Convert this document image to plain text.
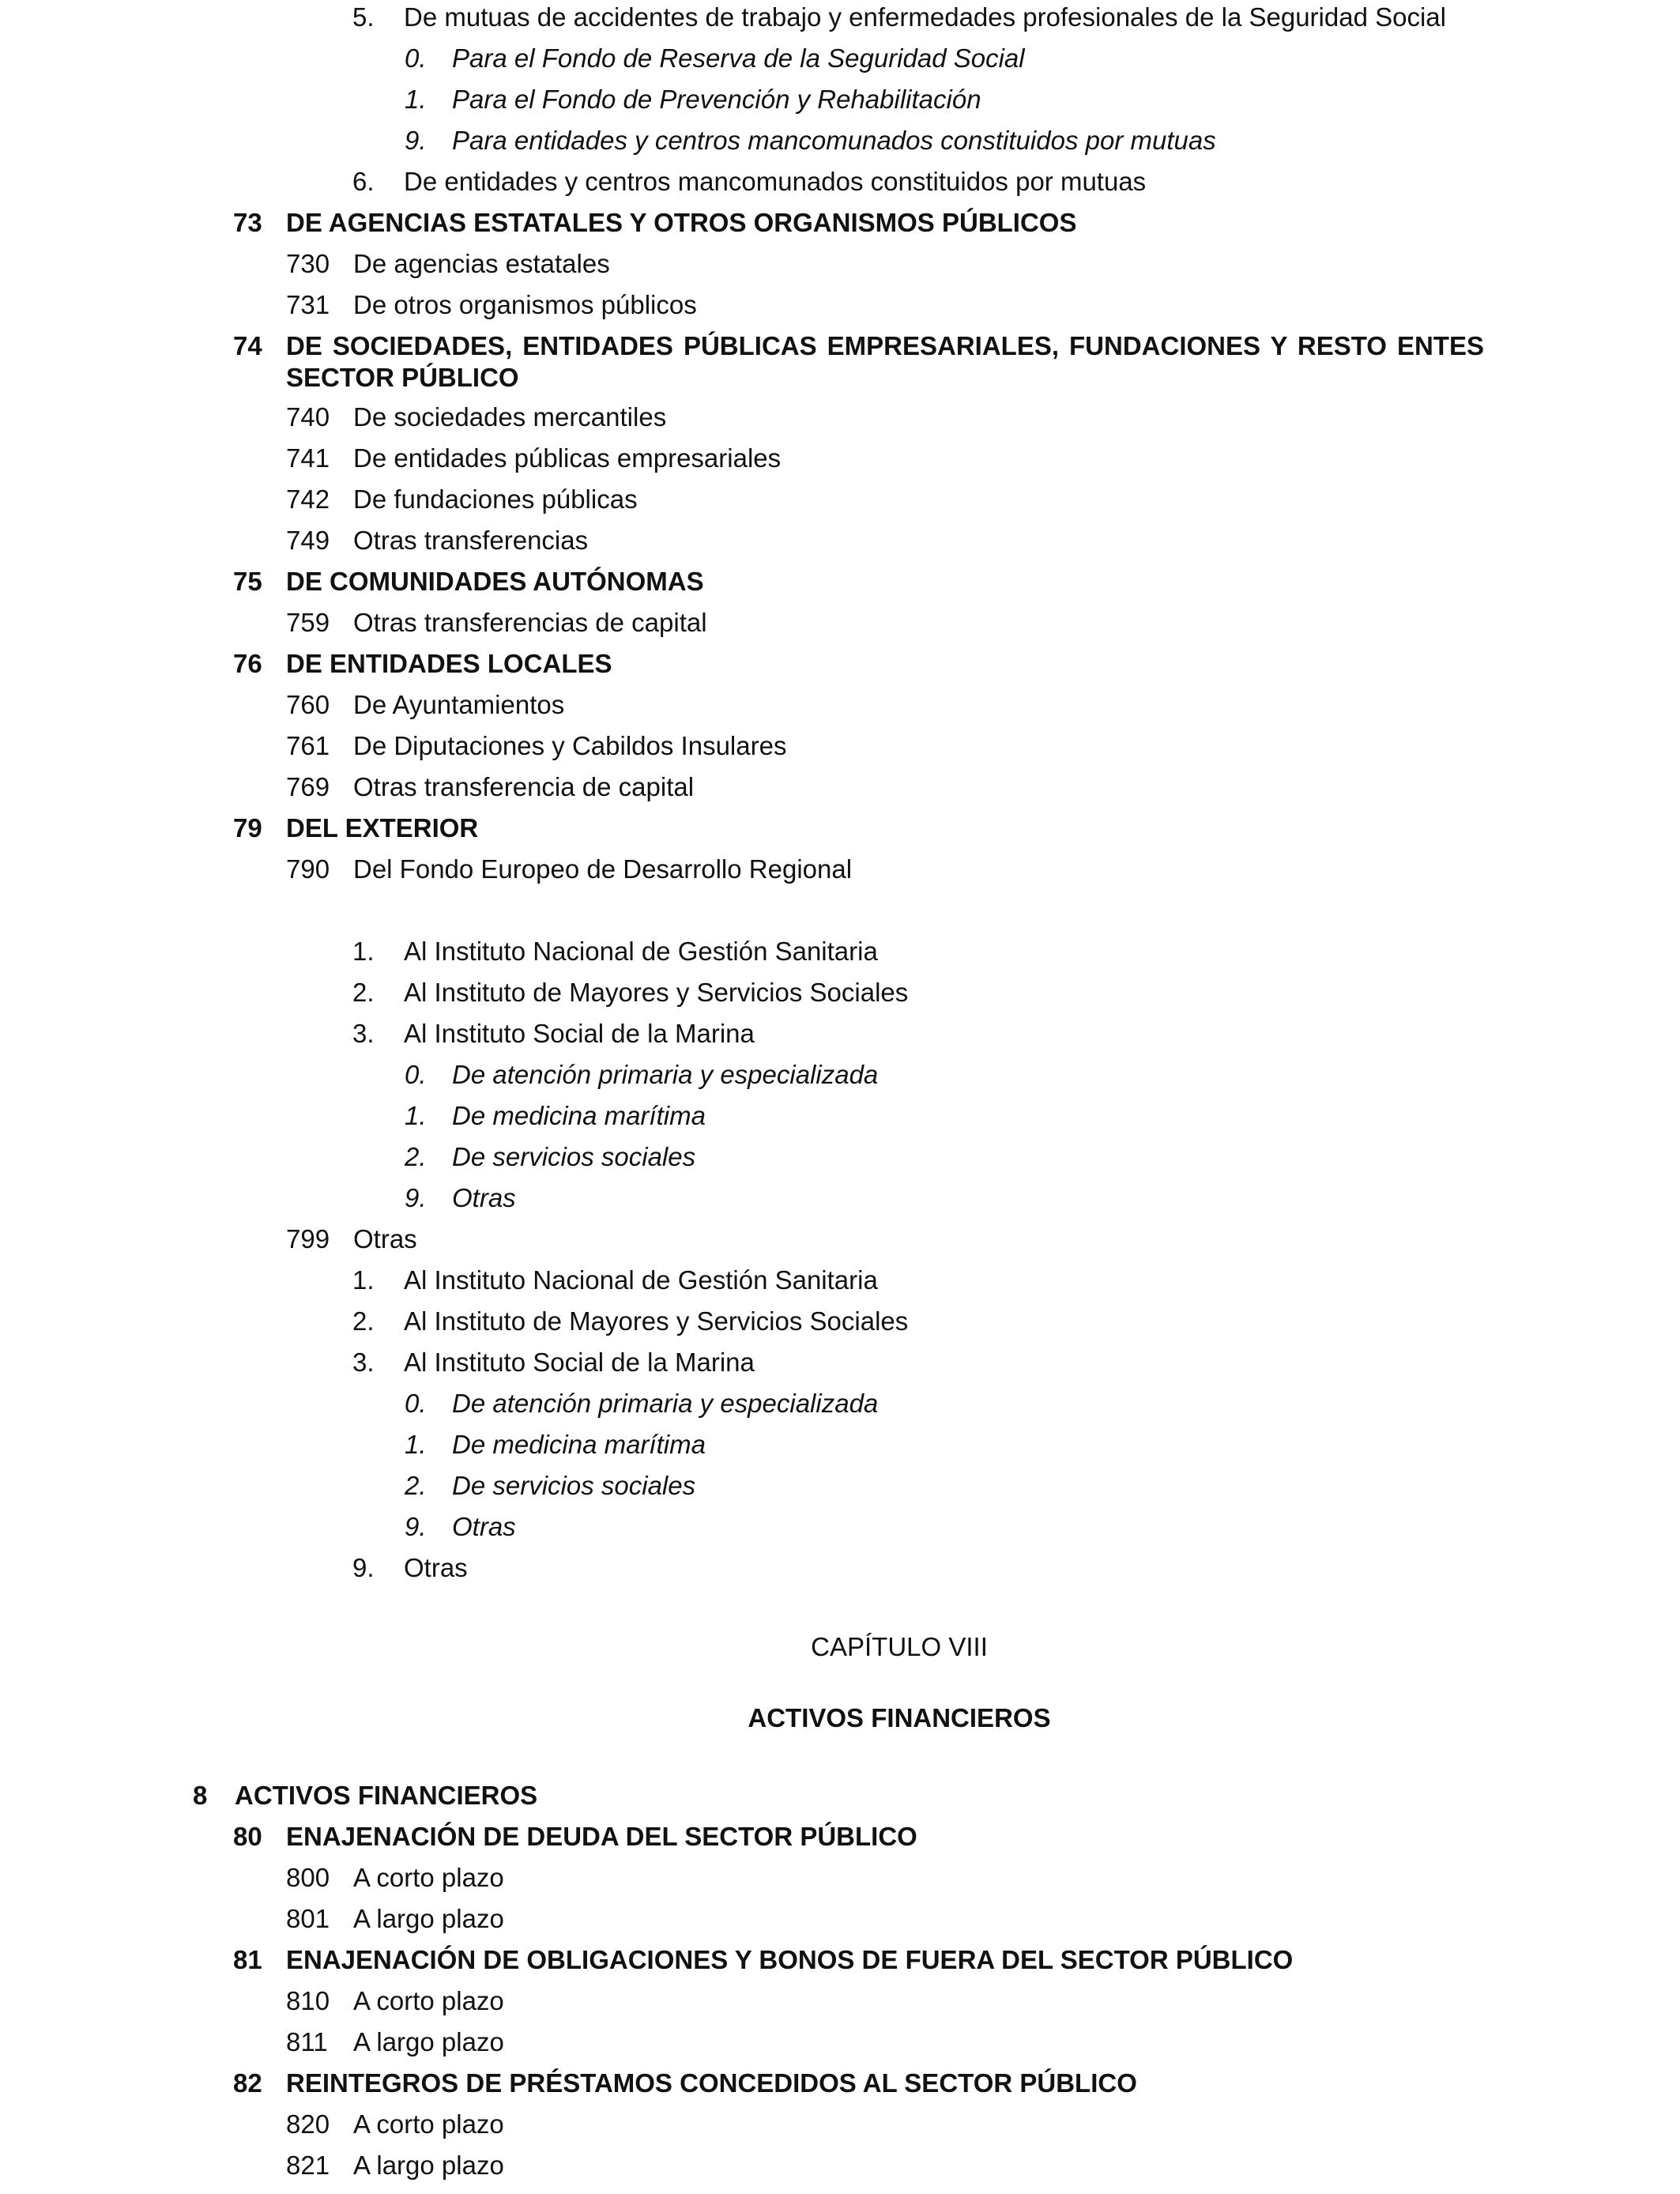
5. De mutuas de accidentes de trabajo y enfermedades profesionales de la Seguridad Social
0. Para el Fondo de Reserva de la Seguridad Social
1. Para el Fondo de Prevención y Rehabilitación
9. Para entidades y centros mancomunados constituidos por mutuas
6. De entidades y centros mancomunados constituidos por mutuas
73 DE AGENCIAS ESTATALES Y OTROS ORGANISMOS PÚBLICOS
730 De agencias estatales
731 De otros organismos públicos
74 DE SOCIEDADES, ENTIDADES PÚBLICAS EMPRESARIALES, FUNDACIONES Y RESTO ENTES SECTOR PÚBLICO
740 De sociedades mercantiles
741 De entidades públicas empresariales
742 De fundaciones públicas
749 Otras transferencias
75 DE COMUNIDADES AUTÓNOMAS
759 Otras transferencias de capital
76 DE ENTIDADES LOCALES
760 De Ayuntamientos
761 De Diputaciones y Cabildos Insulares
769 Otras transferencia de capital
79 DEL EXTERIOR
790 Del Fondo Europeo de Desarrollo Regional
1. Al Instituto Nacional de Gestión Sanitaria
2. Al Instituto de Mayores y Servicios Sociales
3. Al Instituto Social de la Marina
0. De atención primaria y especializada
1. De medicina marítima
2. De servicios sociales
9. Otras
799 Otras
1. Al Instituto Nacional de Gestión Sanitaria
2. Al Instituto de Mayores y Servicios Sociales
3. Al Instituto Social de la Marina
0. De atención primaria y especializada
1. De medicina marítima
2. De servicios sociales
9. Otras
9. Otras
CAPÍTULO VIII
ACTIVOS FINANCIEROS
8 ACTIVOS FINANCIEROS
80 ENAJENACIÓN DE DEUDA DEL SECTOR PÚBLICO
800 A corto plazo
801 A largo plazo
81 ENAJENACIÓN DE OBLIGACIONES Y BONOS DE FUERA DEL SECTOR PÚBLICO
810 A corto plazo
811 A largo plazo
82 REINTEGROS DE PRÉSTAMOS CONCEDIDOS AL SECTOR PÚBLICO
820 A corto plazo
821 A largo plazo
